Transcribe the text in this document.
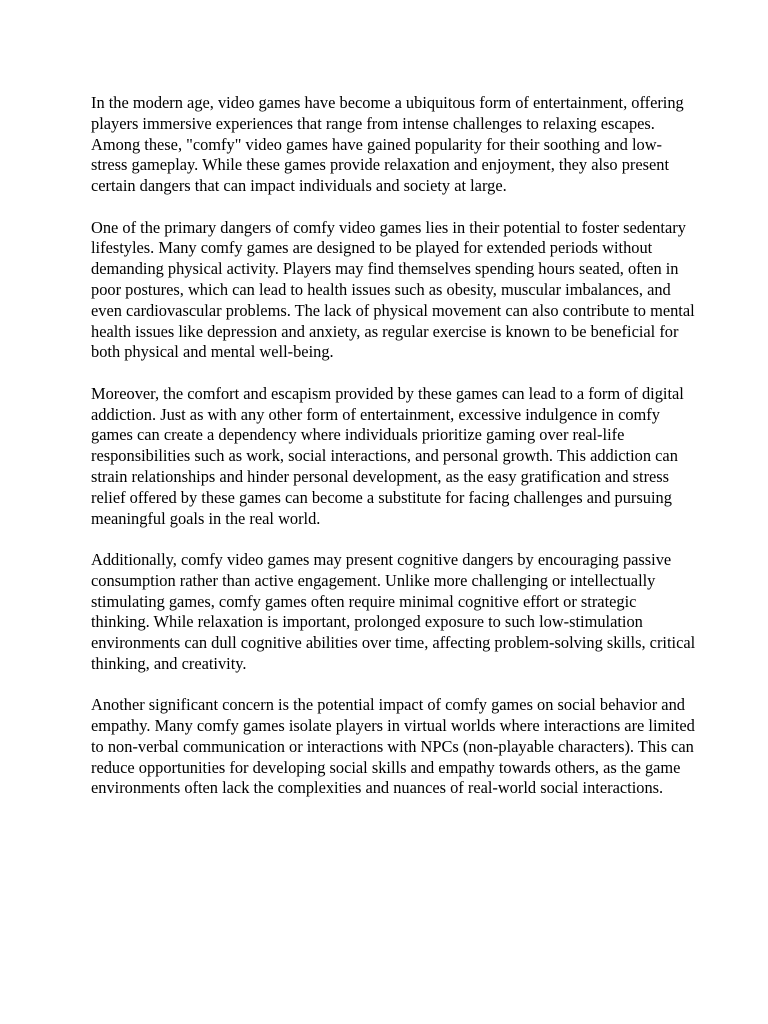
In the modern age, video games have become a ubiquitous form of entertainment, offering players immersive experiences that range from intense challenges to relaxing escapes. Among these, "comfy" video games have gained popularity for their soothing and low-stress gameplay. While these games provide relaxation and enjoyment, they also present certain dangers that can impact individuals and society at large.

One of the primary dangers of comfy video games lies in their potential to foster sedentary lifestyles. Many comfy games are designed to be played for extended periods without demanding physical activity. Players may find themselves spending hours seated, often in poor postures, which can lead to health issues such as obesity, muscular imbalances, and even cardiovascular problems. The lack of physical movement can also contribute to mental health issues like depression and anxiety, as regular exercise is known to be beneficial for both physical and mental well-being.

Moreover, the comfort and escapism provided by these games can lead to a form of digital addiction. Just as with any other form of entertainment, excessive indulgence in comfy games can create a dependency where individuals prioritize gaming over real-life responsibilities such as work, social interactions, and personal growth. This addiction can strain relationships and hinder personal development, as the easy gratification and stress relief offered by these games can become a substitute for facing challenges and pursuing meaningful goals in the real world.

Additionally, comfy video games may present cognitive dangers by encouraging passive consumption rather than active engagement. Unlike more challenging or intellectually stimulating games, comfy games often require minimal cognitive effort or strategic thinking. While relaxation is important, prolonged exposure to such low-stimulation environments can dull cognitive abilities over time, affecting problem-solving skills, critical thinking, and creativity.

Another significant concern is the potential impact of comfy games on social behavior and empathy. Many comfy games isolate players in virtual worlds where interactions are limited to non-verbal communication or interactions with NPCs (non-playable characters). This can reduce opportunities for developing social skills and empathy towards others, as the game environments often lack the complexities and nuances of real-world social interactions.
